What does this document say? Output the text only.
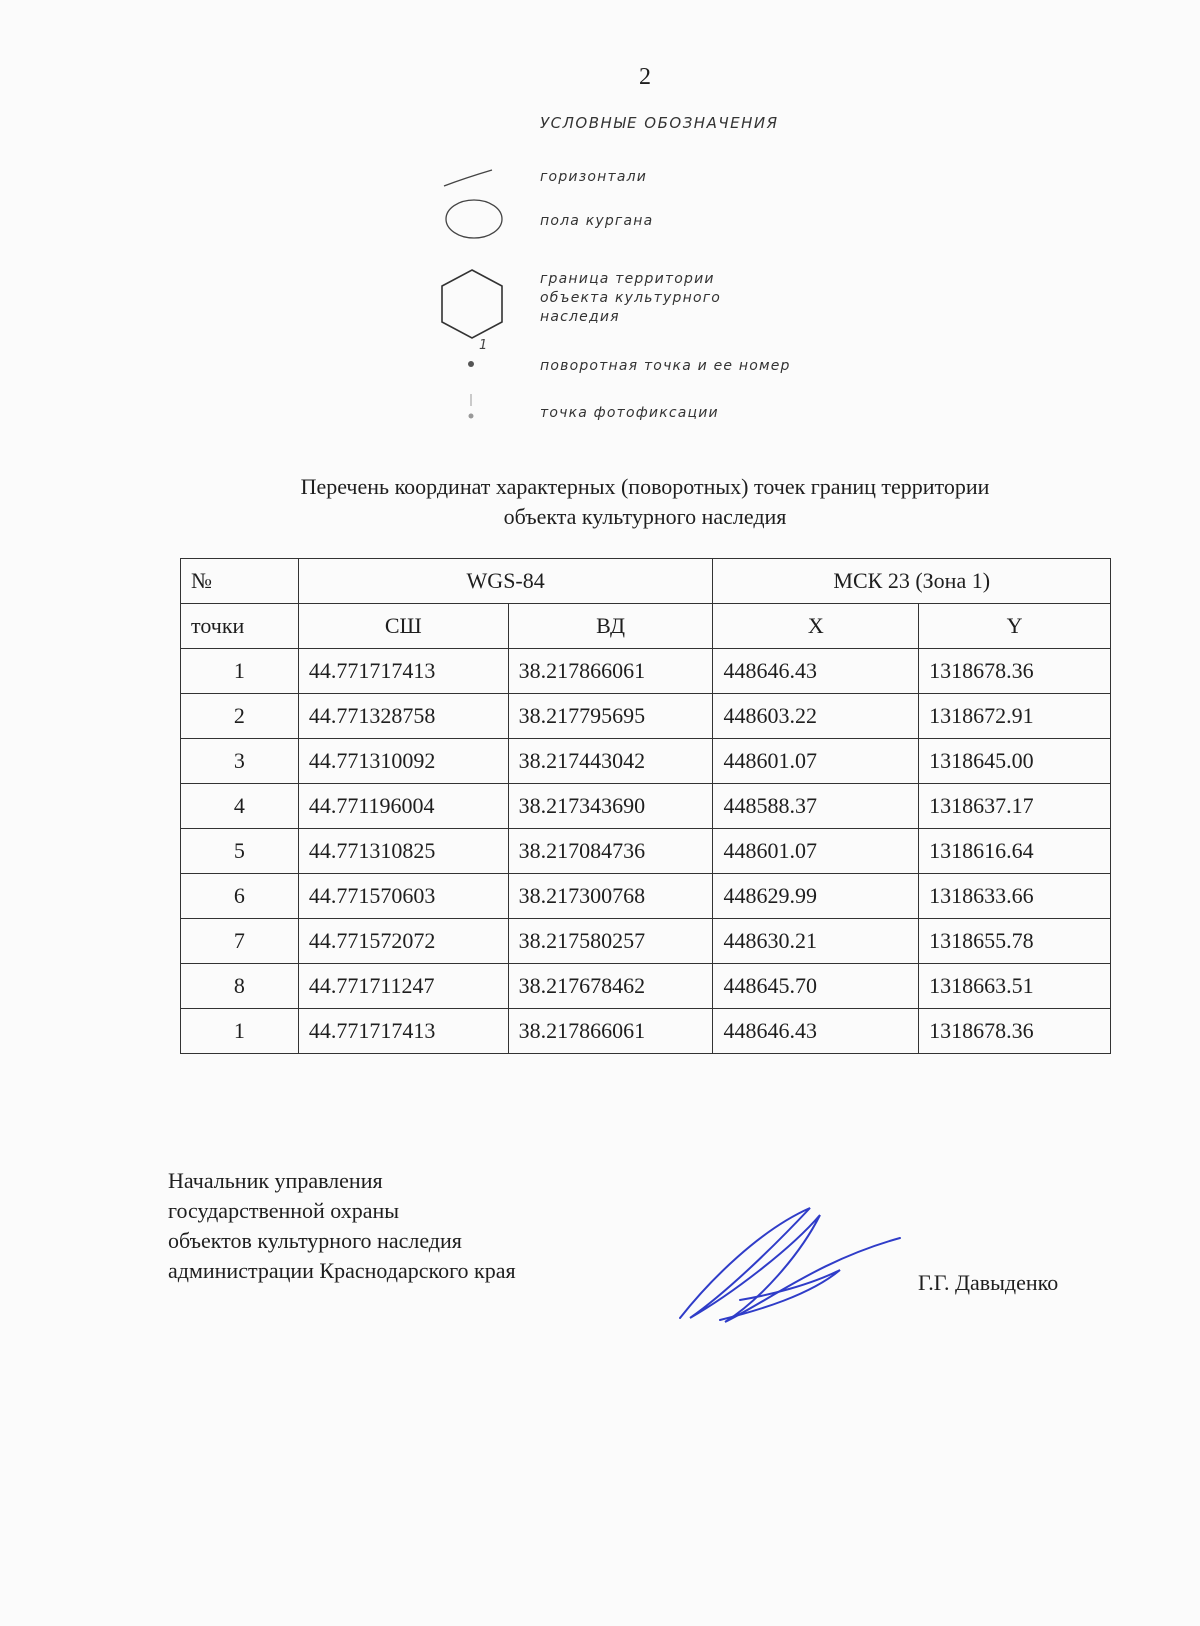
2
УСЛОВНЫЕ ОБОЗНАЧЕНИЯ
горизонтали
пола кургана
граница территории
объекта культурного
наследия
1
поворотная точка и ее номер
точка фотофиксации
Перечень координат характерных (поворотных) точек границ территории
объекта культурного наследия
№	WGS-84		МСК 23 (Зона 1)	
точки	СШ	ВД	X	Y
1	44.771717413	38.217866061	448646.43	1318678.36
2	44.771328758	38.217795695	448603.22	1318672.91
3	44.771310092	38.217443042	448601.07	1318645.00
4	44.771196004	38.217343690	448588.37	1318637.17
5	44.771310825	38.217084736	448601.07	1318616.64
6	44.771570603	38.217300768	448629.99	1318633.66
7	44.771572072	38.217580257	448630.21	1318655.78
8	44.771711247	38.217678462	448645.70	1318663.51
1	44.771717413	38.217866061	448646.43	1318678.36
Начальник управления
государственной охраны
объектов культурного наследия
администрации Краснодарского края	Г.Г. Давыденко
